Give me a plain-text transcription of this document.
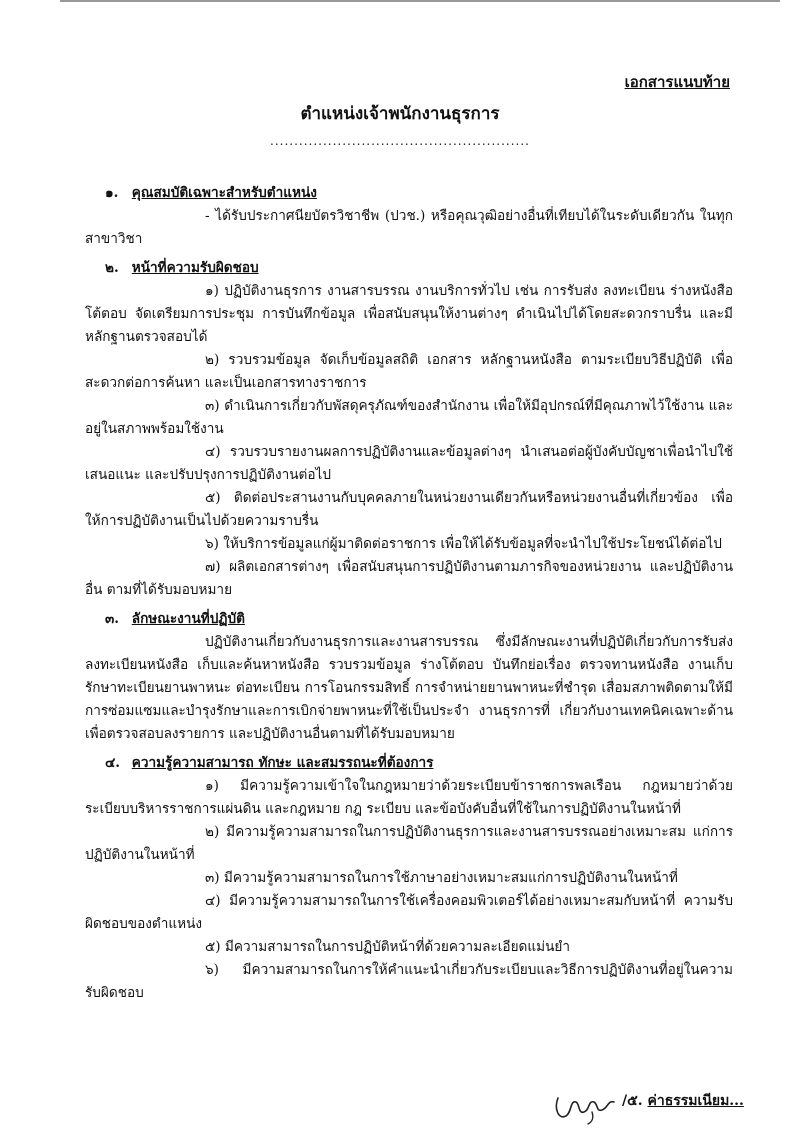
เอกสารแนบท้าย
ตำแหน่งเจ้าพนักงานธุรการ
......................................................
๑. คุณสมบัติเฉพาะสำหรับตำแหน่ง

- ได้รับประกาศนียบัตรวิชาชีพ (ปวช.) หรือคุณวุฒิอย่างอื่นที่เทียบได้ในระดับเดียวกัน ในทุกสาขาวิชา

๒. หน้าที่ความรับผิดชอบ

๑) ปฏิบัติงานธุรการ งานสารบรรณ งานบริการทั่วไป เช่น การรับส่ง ลงทะเบียน ร่างหนังสือ โต้ตอบ จัดเตรียมการประชุม การบันทึกข้อมูล เพื่อสนับสนุนให้งานต่างๆ ดำเนินไปได้โดยสะดวกราบรื่น และมีหลักฐานตรวจสอบได้

๒) รวบรวมข้อมูล จัดเก็บข้อมูลสถิติ เอกสาร หลักฐานหนังสือ ตามระเบียบวิธีปฏิบัติ เพื่อสะดวกต่อการค้นหา และเป็นเอกสารทางราชการ

๓) ดำเนินการเกี่ยวกับพัสดุครุภัณฑ์ของสำนักงาน เพื่อให้มีอุปกรณ์ที่มีคุณภาพไว้ใช้งาน และอยู่ในสภาพพร้อมใช้งาน

๔) รวบรวบรายงานผลการปฏิบัติงานและข้อมูลต่างๆ นำเสนอต่อผู้บังคับบัญชาเพื่อนำไปใช้ เสนอแนะ และปรับปรุงการปฏิบัติงานต่อไป

๕) ติดต่อประสานงานกับบุคคลภายในหน่วยงานเดียวกันหรือหน่วยงานอื่นที่เกี่ยวข้อง เพื่อให้การปฏิบัติงานเป็นไปด้วยความราบรื่น

๖) ให้บริการข้อมูลแก่ผู้มาติดต่อราชการ เพื่อให้ได้รับข้อมูลที่จะนำไปใช้ประโยชน์ได้ต่อไป

๗) ผลิตเอกสารต่างๆ เพื่อสนับสนุนการปฏิบัติงานตามภารกิจของหน่วยงาน และปฏิบัติงานอื่น ตามที่ได้รับมอบหมาย

๓. ลักษณะงานที่ปฏิบัติ

ปฏิบัติงานเกี่ยวกับงานธุรการและงานสารบรรณ ซึ่งมีลักษณะงานที่ปฏิบัติเกี่ยวกับการรับส่ง ลงทะเบียนหนังสือ เก็บและค้นหาหนังสือ รวบรวมข้อมูล ร่างโต้ตอบ บันทึกย่อเรื่อง ตรวจทานหนังสือ งานเก็บรักษาทะเบียนยานพาหนะ ต่อทะเบียน การโอนกรรมสิทธิ์ การจำหน่ายยานพาหนะที่ชำรุด เสื่อมสภาพติดตามให้มีการซ่อมแซมและบำรุงรักษาและการเบิกจ่ายพาหนะที่ใช้เป็นประจำ งานธุรการที่ เกี่ยวกับงานเทคนิคเฉพาะด้าน เพื่อตรวจสอบลงรายการ และปฏิบัติงานอื่นตามที่ได้รับมอบหมาย

๔. ความรู้ความสามารถ ทักษะ และสมรรถนะที่ต้องการ

๑) มีความรู้ความเข้าใจในกฎหมายว่าด้วยระเบียบข้าราชการพลเรือน กฎหมายว่าด้วย ระเบียบบริหารราชการแผ่นดิน และกฎหมาย กฎ ระเบียบ และข้อบังคับอื่นที่ใช้ในการปฏิบัติงานในหน้าที่

๒) มีความรู้ความสามารถในการปฏิบัติงานธุรการและงานสารบรรณอย่างเหมาะสม แก่การปฏิบัติงานในหน้าที่

๓) มีความรู้ความสามารถในการใช้ภาษาอย่างเหมาะสมแก่การปฏิบัติงานในหน้าที่

๔) มีความรู้ความสามารถในการใช้เครื่องคอมพิวเตอร์ได้อย่างเหมาะสมกับหน้าที่ ความรับผิดชอบของตำแหน่ง

๕) มีความสามารถในการปฏิบัติหน้าที่ด้วยความละเอียดแม่นยำ

๖) มีความสามารถในการให้คำแนะนำเกี่ยวกับระเบียบและวิธีการปฏิบัติงานที่อยู่ในความ รับผิดชอบ

/๕. ค่าธรรมเนียม...
